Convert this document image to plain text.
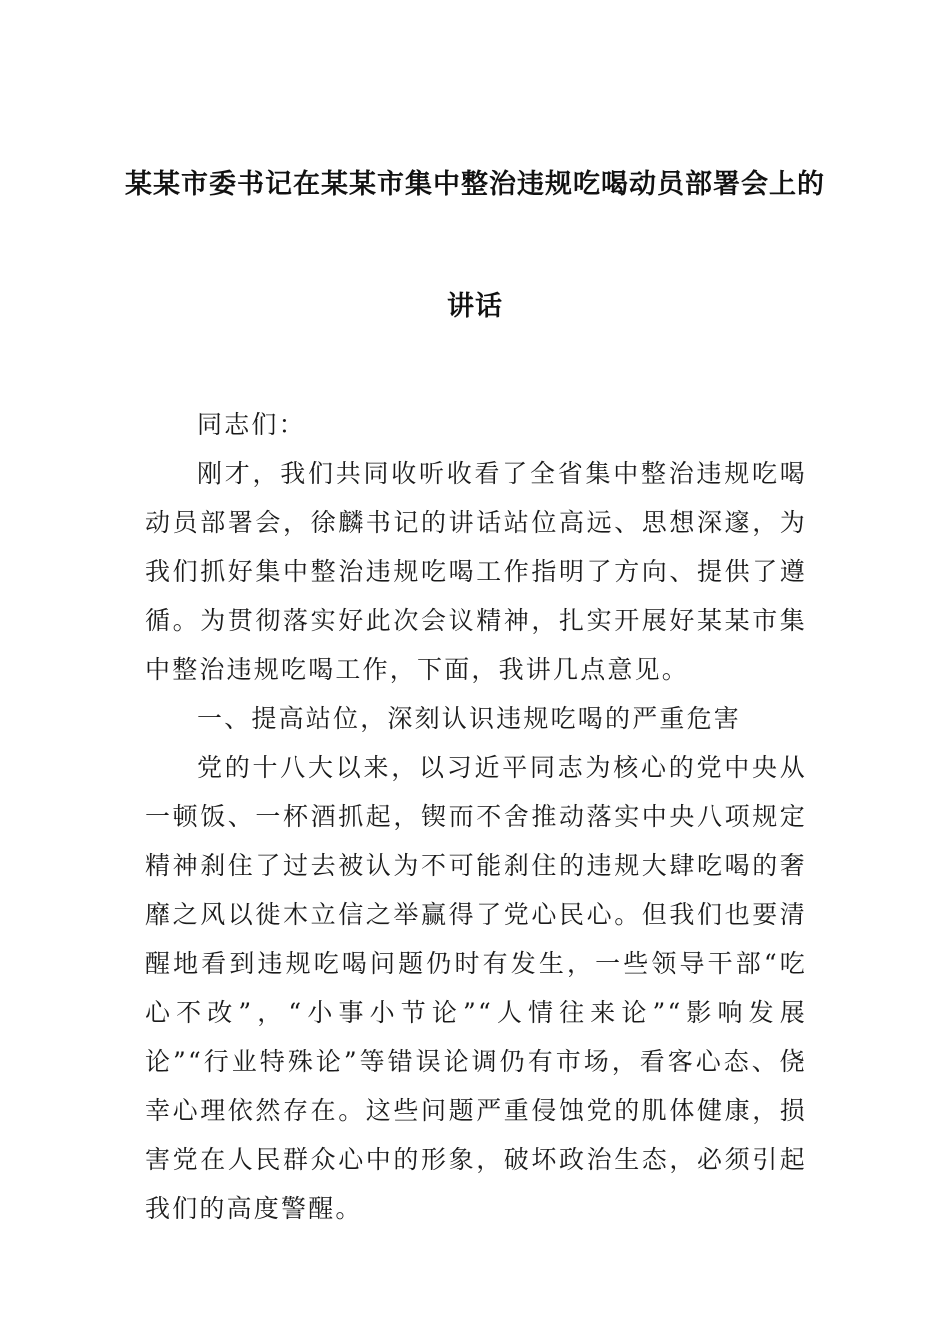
某某市委书记在某某市集中整治违规吃喝动员部署会上的
讲话

同志们：

刚才，我们共同收听收看了全省集中整治违规吃喝动员部署会，徐麟书记的讲话站位高远、思想深邃，为我们抓好集中整治违规吃喝工作指明了方向、提供了遵循。为贯彻落实好此次会议精神，扎实开展好某某市集中整治违规吃喝工作，下面，我讲几点意见。

一、提高站位，深刻认识违规吃喝的严重危害

党的十八大以来，以习近平同志为核心的党中央从一顿饭、一杯酒抓起，锲而不舍推动落实中央八项规定精神刹住了过去被认为不可能刹住的违规大肆吃喝的奢靡之风以徙木立信之举赢得了党心民心。但我们也要清醒地看到违规吃喝问题仍时有发生，一些领导干部“吃心不改”，“小事小节论”“人情往来论”“影响发展论”“行业特殊论”等错误论调仍有市场，看客心态、侥幸心理依然存在。这些问题严重侵蚀党的肌体健康，损害党在人民群众心中的形象，破坏政治生态，必须引起我们的高度警醒。
